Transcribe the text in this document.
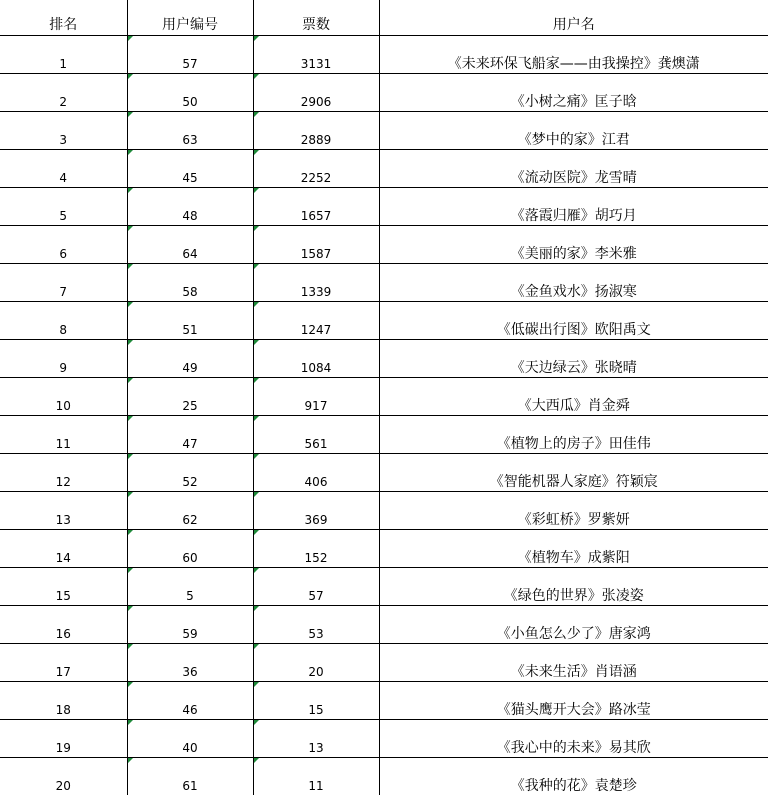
排名	用户编号	票数	用户名
1	57	3131	《未来环保飞船家——由我操控》龚燠潇
2	50	2906	《小树之痛》匡子晗
3	63	2889	《梦中的家》江君
4	45	2252	《流动医院》龙雪晴
5	48	1657	《落霞归雁》胡巧月
6	64	1587	《美丽的家》李米雅
7	58	1339	《金鱼戏水》扬淑寒
8	51	1247	《低碳出行图》欧阳禹文
9	49	1084	《天边绿云》张晓晴
10	25	917	《大西瓜》肖金舜
11	47	561	《植物上的房子》田佳伟
12	52	406	《智能机器人家庭》符颖宸
13	62	369	《彩虹桥》罗紫妍
14	60	152	《植物车》成紫阳
15	5	57	《绿色的世界》张凌姿
16	59	53	《小鱼怎么少了》唐家鸿
17	36	20	《未来生活》肖语涵
18	46	15	《猫头鹰开大会》路冰莹
19	40	13	《我心中的未来》易其欣
20	61	11	《我种的花》袁楚珍
